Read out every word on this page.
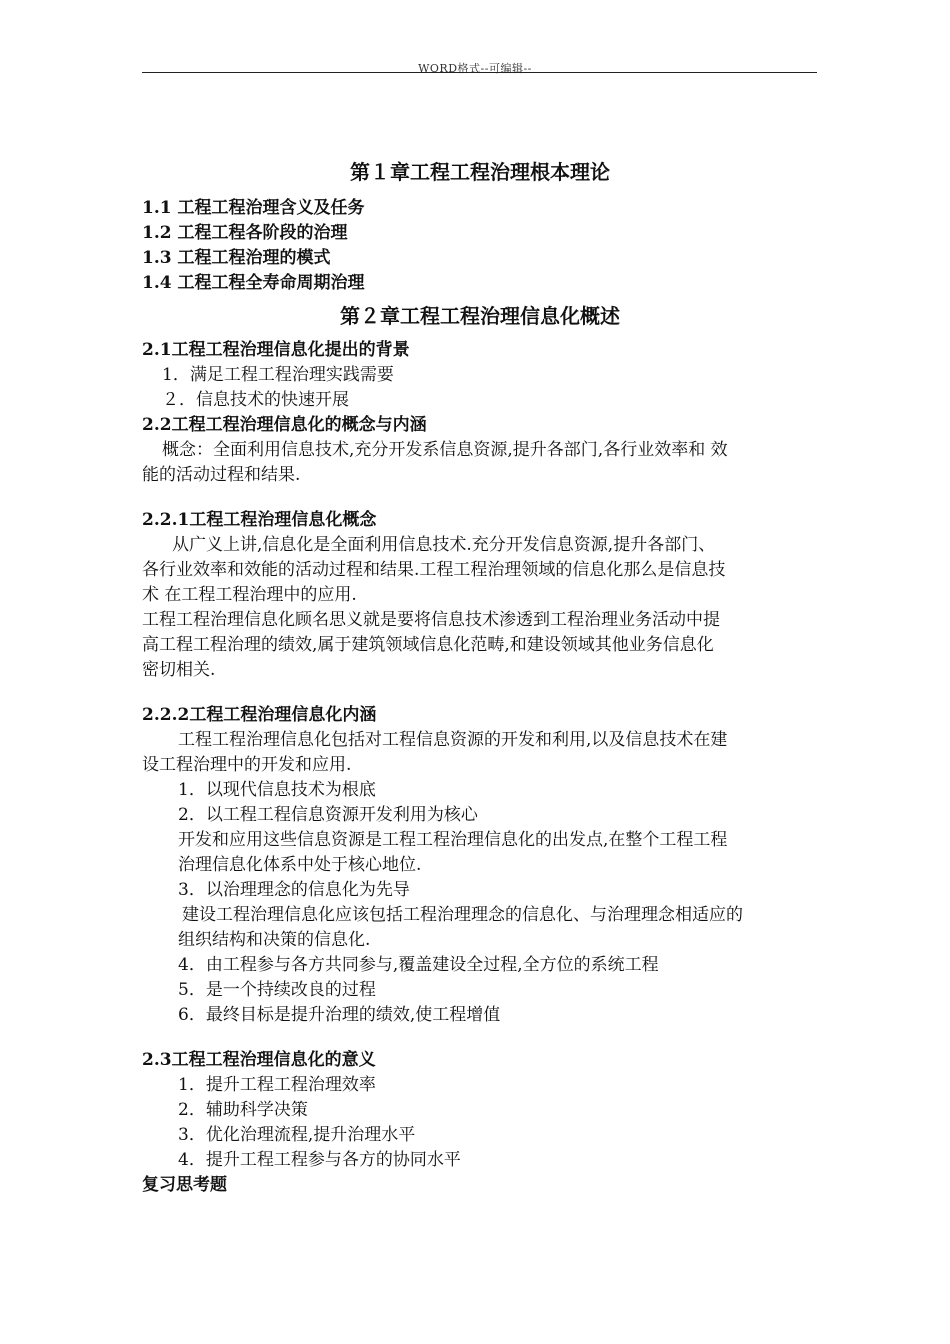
WORD格式--可编辑--
第１章工程工程治理根本理论
1.1 工程工程治理含义及任务
1.2 工程工程各阶段的治理
1.3 工程工程治理的模式
1.4 工程工程全寿命周期治理
第２章工程工程治理信息化概述
2.1工程工程治理信息化提出的背景
1．满足工程工程治理实践需要
２．信息技术的快速开展
2.2工程工程治理信息化的概念与内涵
概念：全面利用信息技术,充分开发系信息资源,提升各部门,各行业效率和 效
能的活动过程和结果.
2.2.1工程工程治理信息化概念
从广义上讲,信息化是全面利用信息技术.充分开发信息资源,提升各部门、
各行业效率和效能的活动过程和结果.工程工程治理领域的信息化那么是信息技
术 在工程工程治理中的应用.
工程工程治理信息化顾名思义就是要将信息技术渗透到工程治理业务活动中提
高工程工程治理的绩效,属于建筑领域信息化范畴,和建设领域其他业务信息化
密切相关.
2.2.2工程工程治理信息化内涵
工程工程治理信息化包括对工程信息资源的开发和利用,以及信息技术在建
设工程治理中的开发和应用.
1．以现代信息技术为根底
2．以工程工程信息资源开发利用为核心
开发和应用这些信息资源是工程工程治理信息化的出发点,在整个工程工程
治理信息化体系中处于核心地位.
3．以治理理念的信息化为先导
建设工程治理信息化应该包括工程治理理念的信息化、与治理理念相适应的
组织结构和决策的信息化.
4．由工程参与各方共同参与,覆盖建设全过程,全方位的系统工程
5．是一个持续改良的过程
6．最终目标是提升治理的绩效,使工程增值
2.3工程工程治理信息化的意义
1．提升工程工程治理效率
2．辅助科学决策
3．优化治理流程,提升治理水平
4．提升工程工程参与各方的协同水平
复习思考题
